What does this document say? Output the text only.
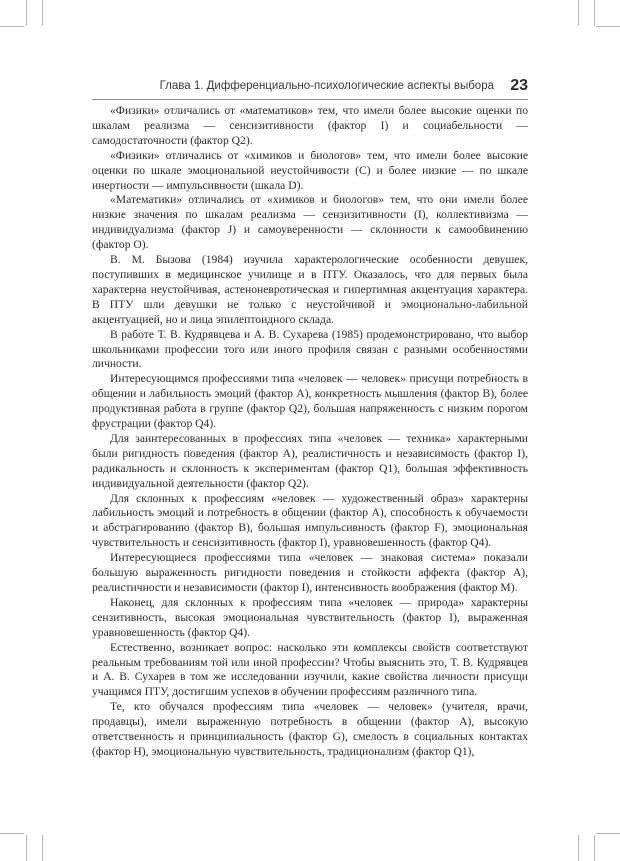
Глава 1. Дифференциально-психологические аспекты выбора 23

«Физики» отличались от «математиков» тем, что имели более высокие оценки по шкалам реализма — сенсизитивности (фактор I) и социабельности — самодостаточности (фактор Q2).

«Физики» отличались от «химиков и биологов» тем, что имели более высокие оценки по шкале эмоциональной неустойчивости (C) и более низкие — по шкале инертности — импульсивности (шкала D).

«Математики» отличались от «химиков и биологов» тем, что они имели более низкие значения по шкалам реализма — сензизитивности (I), коллективизма — индивидуализма (фактор J) и самоуверенности — склонности к самообвинению (фактор O).

В. М. Бызова (1984) изучила характерологические особенности девушек, поступивших в медицинское училище и в ПТУ. Оказалось, что для первых была характерна неустойчивая, астеноневротическая и гипертимная акцентуация характера. В ПТУ шли девушки не только с неустойчивой и эмоционально-лабильной акцентуацией, но и лица эпилептоидного склада.

В работе Т. В. Кудрявцева и А. В. Сухарева (1985) продемонстрировано, что выбор школьниками профессии того или иного профиля связан с разными особенностями личности.

Интересующимся профессиями типа «человек — человек» присущи потребность в общении и лабильность эмоций (фактор A), конкретность мышления (фактор B), более продуктивная работа в группе (фактор Q2), большая напряженность с низким порогом фрустрации (фактор Q4).

Для заинтересованных в профессиях типа «человек — техника» характерными были ригидность поведения (фактор A), реалистичность и независимость (фактор I), радикальность и склонность к экспериментам (фактор Q1), большая эффективность индивидуальной деятельности (фактор Q2).

Для склонных к профессиям «человек — художественный образ» характерны лабильность эмоций и потребность в общении (фактор A), способность к обучаемости и абстрагированию (фактор B), большая импульсивность (фактор F), эмоциональная чувствительность и сенсизитивность (фактор I), уравновешенность (фактор Q4).

Интересующиеся профессиями типа «человек — знаковая система» показали большую выраженность ригидности поведения и стойкости аффекта (фактор A), реалистичности и независимости (фактор I), интенсивность воображения (фактор M).

Наконец, для склонных к профессиям типа «человек — природа» характерны сензитивность, высокая эмоциональная чувствительность (фактор I), выраженная уравновешенность (фактор Q4).

Естественно, возникает вопрос: насколько эти комплексы свойств соответствуют реальным требованиям той или иной профессии? Чтобы выяснить это, Т. В. Кудрявцев и А. В. Сухарев в том же исследовании изучили, какие свойства личности присущи учащимся ПТУ, достигшим успехов в обучении профессиям различного типа.

Те, кто обучался профессиям типа «человек — человек» (учителя, врачи, продавцы), имели выраженную потребность в общении (фактор A), высокую ответственность и принципиальность (фактор G), смелость в социальных контактах (фактор H), эмоциональную чувствительность, традиционализм (фактор Q1),
